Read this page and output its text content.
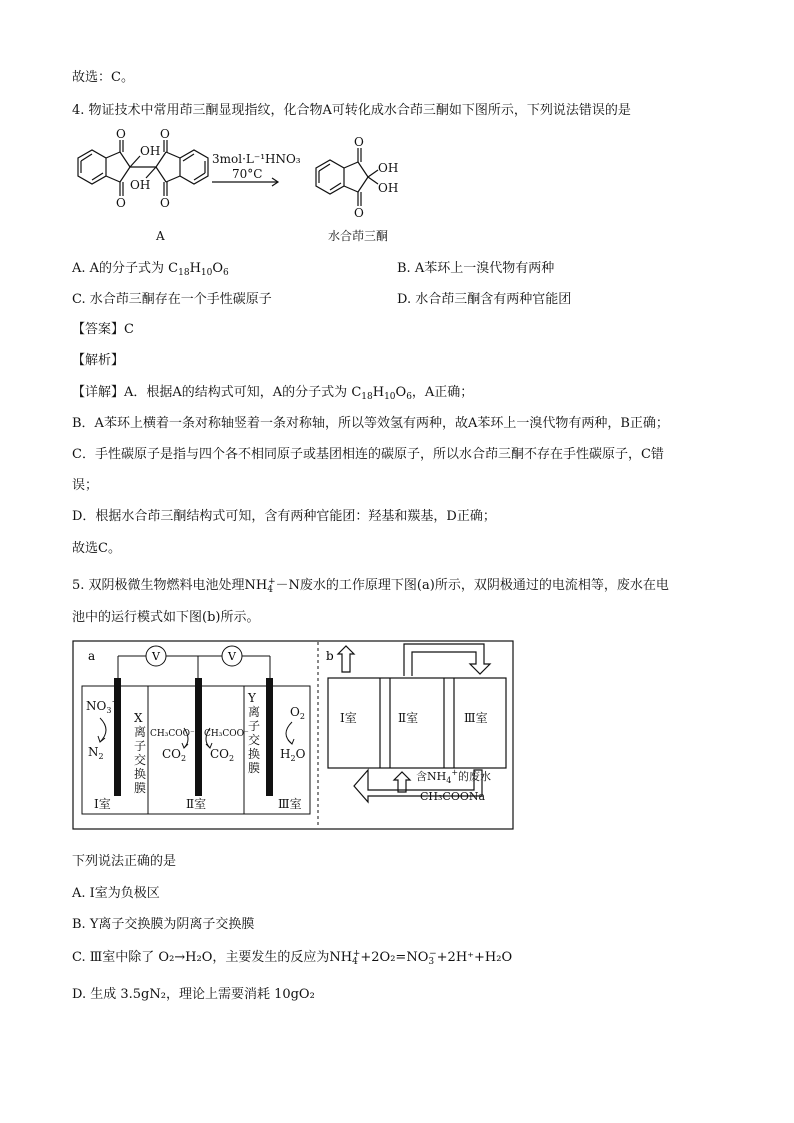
故选：C。
4. 物证技术中常用茚三酮显现指纹，化合物A可转化成水合茚三酮如下图所示，下列说法错误的是
O
O
O
O
OH
OH
3mol·L⁻¹HNO₃
70°C
O
O
OH
OH
A	水合茚三酮
A. A的分子式为 $C_{18}H_{10}O_6$	B. A苯环上一溴代物有两种
C. 水合茚三酮存在一个手性碳原子	D. 水合茚三酮含有两种官能团
【答案】C
【解析】
【详解】A．根据A的结构式可知，A的分子式为 $C_{18}H_{10}O_6$，A正确；
B．A苯环上横着一条对称轴竖着一条对称轴，所以等效氢有两种，故A苯环上一溴代物有两种，B正确；
C．手性碳原子是指与四个各不相同原子或基团相连的碳原子，所以水合茚三酮不存在手性碳原子，C错
误；
D．根据水合茚三酮结构式可知，含有两种官能团：羟基和羰基，D正确；
故选C。
5. 双阴极微生物燃料电池处理$NH_4^+-N$废水的工作原理下图(a)所示，双阴极通过的电流相等，废水在电
池中的运行模式如下图(b)所示。
a	V	V
$NO_3^-$
$N_2$
CH₃COO⁻ CH₃COO⁻
$CO_2$ $CO_2$
$O_2$
$H_2O$
Ⅰ室	Ⅱ室	Ⅲ室
X
离
子
交
换
膜
Y
离
子
交
换
膜
b
Ⅰ室	Ⅱ室	Ⅲ室
含$NH_4^+$的废水
CH₃COONa
下列说法正确的是
A. I室为负极区
B. Y离子交换膜为阴离子交换膜
C. Ⅲ室中除了 O₂→H₂O，主要发生的反应为$NH_4^++2O_2=NO_3^-+2H^++H_2O$
D. 生成 3.5gN₂，理论上需要消耗 10gO₂
